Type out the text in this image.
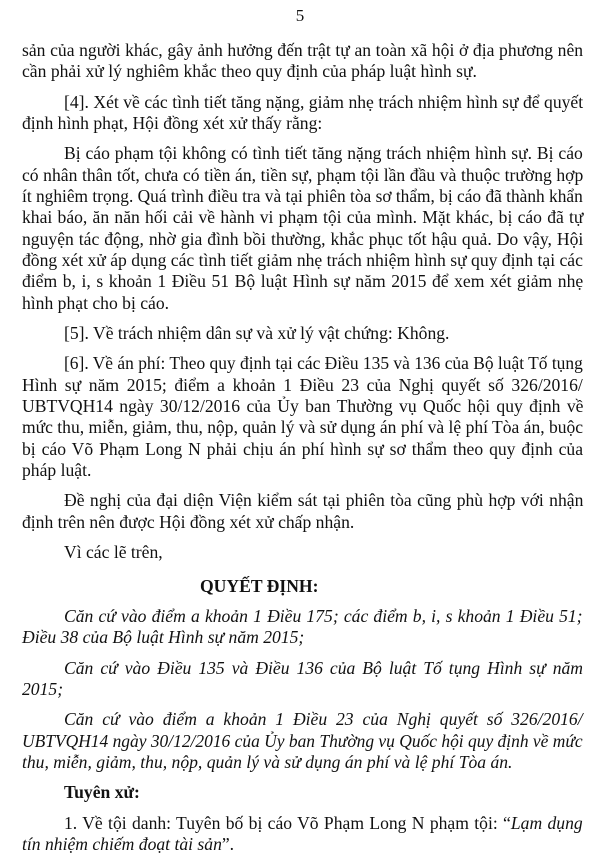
5
sản của người khác, gây ảnh hưởng đến trật tự an toàn xã hội ở địa phương nên
cần phải xử lý nghiêm khắc theo quy định của pháp luật hình sự.
[4]. Xét về các tình tiết tăng nặng, giảm nhẹ trách nhiệm hình sự để quyết
định hình phạt, Hội đồng xét xử thấy rằng:
Bị cáo phạm tội không có tình tiết tăng nặng trách nhiệm hình sự. Bị cáo
có nhân thân tốt, chưa có tiền án, tiền sự, phạm tội lần đầu và thuộc trường hợp
ít nghiêm trọng. Quá trình điều tra và tại phiên tòa sơ thẩm, bị cáo đã thành khẩn
khai báo, ăn năn hối cải về hành vi phạm tội của mình. Mặt khác, bị cáo đã tự
nguyện tác động, nhờ gia đình bồi thường, khắc phục tốt hậu quả. Do vậy, Hội
đồng xét xử áp dụng các tình tiết giảm nhẹ trách nhiệm hình sự quy định tại các
điểm b, i, s khoản 1 Điều 51 Bộ luật Hình sự năm 2015 để xem xét giảm nhẹ
hình phạt cho bị cáo.
[5]. Về trách nhiệm dân sự và xử lý vật chứng: Không.
[6]. Về án phí: Theo quy định tại các Điều 135 và 136 của Bộ luật Tố tụng
Hình sự năm 2015; điểm a khoản 1 Điều 23 của Nghị quyết số 326/2016/
UBTVQH14 ngày 30/12/2016 của Ủy ban Thường vụ Quốc hội quy định về
mức thu, miễn, giảm, thu, nộp, quản lý và sử dụng án phí và lệ phí Tòa án, buộc
bị cáo Võ Phạm Long N phải chịu án phí hình sự sơ thẩm theo quy định của
pháp luật.
Đề nghị của đại diện Viện kiểm sát tại phiên tòa cũng phù hợp với nhận
định trên nên được Hội đồng xét xử chấp nhận.
Vì các lẽ trên,
QUYẾT ĐỊNH:
Căn cứ vào điểm a khoản 1 Điều 175; các điểm b, i, s khoản 1 Điều 51;
Điều 38 của Bộ luật Hình sự năm 2015;
Căn cứ vào Điều 135 và Điều 136 của Bộ luật Tố tụng Hình sự năm
2015;
Căn cứ vào điểm a khoản 1 Điều 23 của Nghị quyết số 326/2016/
UBTVQH14 ngày 30/12/2016 của Ủy ban Thường vụ Quốc hội quy định về mức
thu, miễn, giảm, thu, nộp, quản lý và sử dụng án phí và lệ phí Tòa án.
Tuyên xử:
1. Về tội danh: Tuyên bố bị cáo Võ Phạm Long N phạm tội: “Lạm dụng
tín nhiệm chiếm đoạt tài sản”.
